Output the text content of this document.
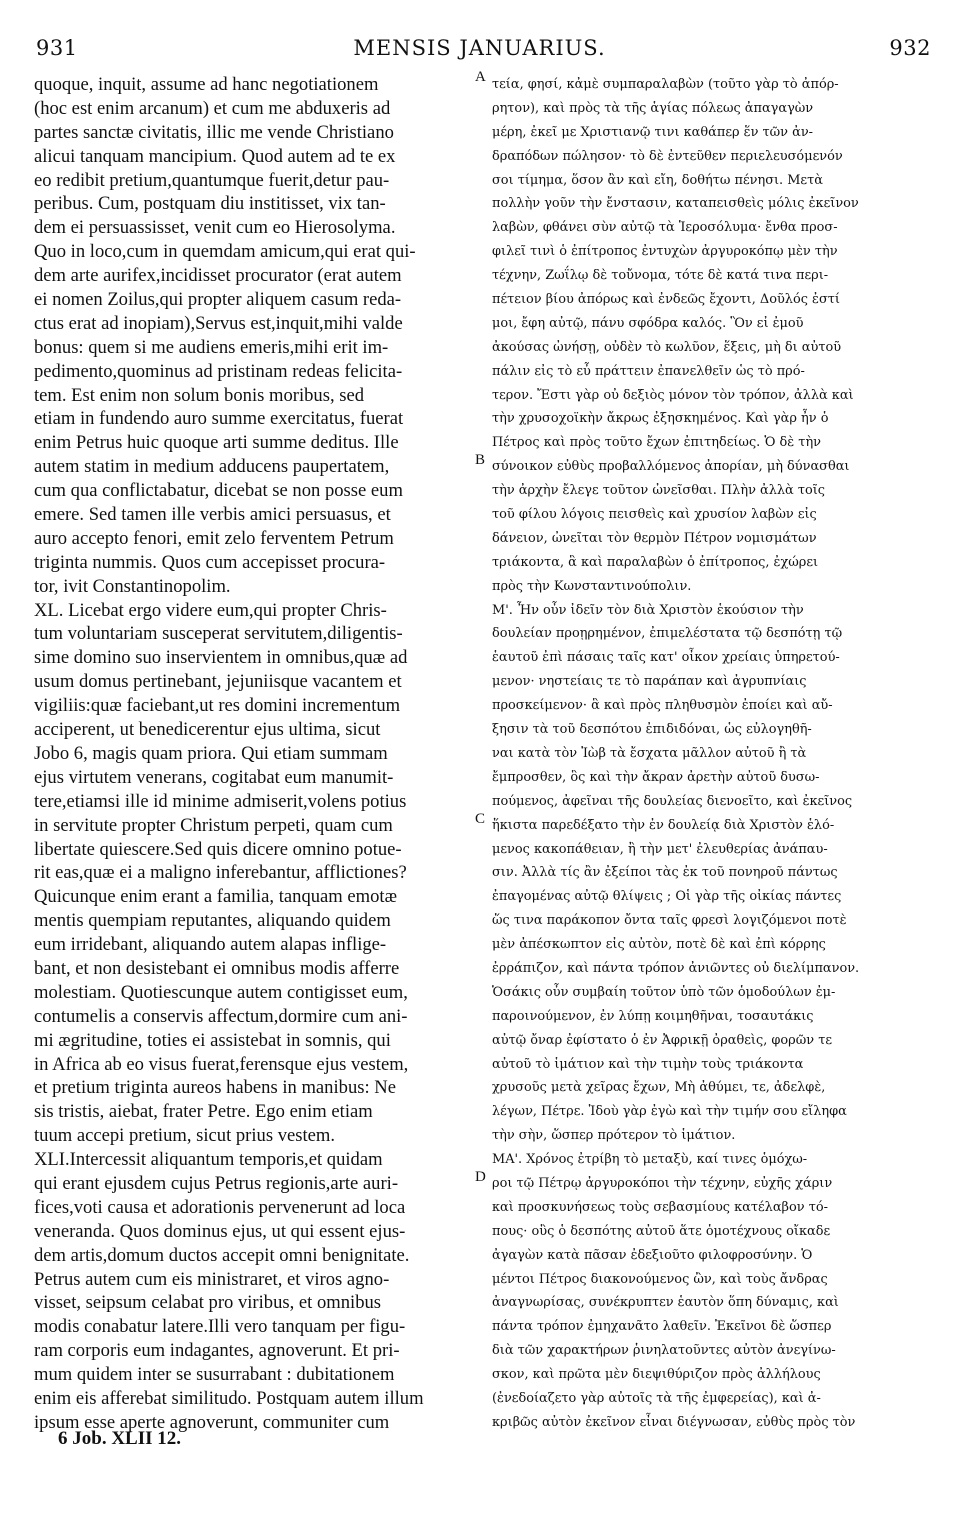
931	MENSIS JANUARIUS.	932
quoque, inquit, assume ad hanc negotiationem
(hoc est enim arcanum) et cum me abduxeris ad
partes sanctæ civitatis, illic me vende Christiano
alicui tanquam mancipium. Quod autem ad te ex
eo redibit pretium,quantumque fuerit,detur pau-
peribus. Cum, postquam diu institisset, vix tan-
dem ei persuassisset, venit cum eo Hierosolyma.
Quo in loco,cum in quemdam amicum,qui erat qui-
dem arte aurifex,incidisset procurator (erat autem
ei nomen Zoilus,qui propter aliquem casum reda-
ctus erat ad inopiam),Servus est,inquit,mihi valde
bonus: quem si me audiens emeris,mihi erit im-
pedimento,quominus ad pristinam redeas felicita-
tem. Est enim non solum bonis moribus, sed
etiam in fundendo auro summe exercitatus, fuerat
enim Petrus huic quoque arti summe deditus. Ille
autem statim in medium adducens paupertatem,
cum qua conflictabatur, dicebat se non posse eum
emere. Sed tamen ille verbis amici persuasus, et
auro accepto fenori, emit zelo ferventem Petrum
triginta nummis. Quos cum accepisset procura-
tor, ivit Constantinopolim.
XL. Licebat ergo videre eum,qui propter Chris-
tum voluntariam susceperat servitutem,diligentis-
sime domino suo inservientem in omnibus,quæ ad
usum domus pertinebant, jejuniisque vacantem et
vigiliis:quæ faciebant,ut res domini incrementum
acciperent, ut benedicerentur ejus ultima, sicut
Jobo 6, magis quam priora. Qui etiam summam
ejus virtutem venerans, cogitabat eum manumit-
tere,etiamsi ille id minime admiserit,volens potius
in servitute propter Christum perpeti, quam cum
libertate quiescere.Sed quis dicere omnino potue-
rit eas,quæ ei a maligno inferebantur, afflictiones?
Quicunque enim erant a familia, tanquam emotæ
mentis quempiam reputantes, aliquando quidem
eum irridebant, aliquando autem alapas inflige-
bant, et non desistebant ei omnibus modis afferre
molestiam. Quotiescunque autem contigisset eum,
contumelis a conservis affectum,dormire cum ani-
mi ægritudine, toties ei assistebat in somnis, qui
in Africa ab eo visus fuerat,ferensque ejus vestem,
et pretium triginta aureos habens in manibus: Ne
sis tristis, aiebat, frater Petre. Ego enim etiam
tuum accepi pretium, sicut prius vestem.
XLI.Intercessit aliquantum temporis,et quidam
qui erant ejusdem cujus Petrus regionis,arte auri-
fices,voti causa et adorationis pervenerunt ad loca
veneranda. Quos dominus ejus, ut qui essent ejus-
dem artis,domum ductos accepit omni benignitate.
Petrus autem cum eis ministraret, et viros agno-
visset, seipsum celabat pro viribus, et omnibus
modis conabatur latere.Illi vero tanquam per figu-
ram corporis eum indagantes, agnoverunt. Et pri-
mum quidem inter se susurrabant : dubitationem
enim eis afferebat similitudo. Postquam autem illum
ipsum esse aperte agnoverunt, communiter cum
τεία, φησί, κἀμὲ συμπαραλαβὼν (τοῦτο γὰρ τὸ ἀπόρ-
ρητον), καὶ πρὸς τὰ τῆς ἁγίας πόλεως ἀπαγαγὼν
μέρη, ἐκεῖ με Χριστιανῷ τινι καθάπερ ἕν τῶν ἀν-
δραπόδων πώλησον· τὸ δὲ ἐντεῦθεν περιελευσόμενόν
σοι τίμημα, ὅσον ἂν καὶ εἴη, δοθήτω πένησι. Μετὰ
πολλὴν γοῦν τὴν ἔνστασιν, καταπεισθεὶς μόλις ἐκεῖνον
λαβὼν, φθάνει σὺν αὐτῷ τὰ Ἱεροσόλυμα· ἔνθα προσ-
φιλεῖ τινὶ ὁ ἐπίτροπος ἐντυχὼν ἀργυροκόπῳ μὲν τὴν
τέχνην, Ζωΐλῳ δὲ τοὔνομα, τότε δὲ κατά τινα περι-
πέτειον βίου ἀπόρως καὶ ἐνδεῶς ἔχοντι, Δοῦλός ἐστί
μοι, ἔφη αὐτῷ, πάνυ σφόδρα καλός. Ὃν εἰ ἐμοῦ
ἀκούσας ὠνήσῃ, οὐδὲν τὸ κωλῦον, ἕξεις, μὴ δι αὐτοῦ
πάλιν εἰς τὸ εὖ πράττειν ἐπανελθεῖν ὡς τὸ πρό-
τερον. Ἔστι γὰρ οὐ δεξιὸς μόνον τὸν τρόπον, ἀλλὰ καὶ
τὴν χρυσοχοϊκὴν ἄκρως ἐξησκημένος. Καὶ γὰρ ἦν ὁ
Πέτρος καὶ πρὸς τοῦτο ἔχων ἐπιτηδείως. Ὁ δὲ τὴν
σύνοικον εὐθὺς προβαλλόμενος ἀπορίαν, μὴ δύνασθαι
τὴν ἀρχὴν ἔλεγε τοῦτον ὠνεῖσθαι. Πλὴν ἀλλὰ τοῖς
τοῦ φίλου λόγοις πεισθεὶς καὶ χρυσίον λαβὼν εἰς
δάνειον, ὠνεῖται τὸν θερμὸν Πέτρον νομισμάτων
τριάκοντα, ἃ καὶ παραλαβὼν ὁ ἐπίτροπος, ἐχώρει
πρὸς τὴν Κωνσταντινούπολιν.
Μ'. Ἦν οὖν ἰδεῖν τὸν διὰ Χριστὸν ἑκούσιον τὴν
δουλείαν προῃρημένον, ἐπιμελέστατα τῷ δεσπότῃ τῷ
ἑαυτοῦ ἐπὶ πάσαις ταῖς κατ' οἶκον χρείαις ὑπηρετού-
μενον· νηστείαις τε τὸ παράπαν καὶ ἀγρυπνίαις
προσκείμενον· ἃ καὶ πρὸς πληθυσμὸν ἐποίει καὶ αὔ-
ξησιν τὰ τοῦ δεσπότου ἐπιδιδόναι, ὡς εὐλογηθῆ-
ναι κατὰ τὸν Ἰὼβ τὰ ἔσχατα μᾶλλον αὐτοῦ ἢ τὰ
ἔμπροσθεν, ὃς καὶ τὴν ἄκραν ἀρετὴν αὐτοῦ δυσω-
πούμενος, ἀφεῖναι τῆς δουλείας διενοεῖτο, καὶ ἐκεῖνος
ἥκιστα παρεδέξατο τὴν ἐν δουλείᾳ διὰ Χριστὸν ἑλό-
μενος κακοπάθειαν, ἢ τὴν μετ' ἐλευθερίας ἀνάπαυ-
σιν. Ἀλλὰ τίς ἂν ἐξείποι τὰς ἐκ τοῦ πονηροῦ πάντως
ἐπαγομένας αὐτῷ θλίψεις ; Οἱ γὰρ τῆς οἰκίας πάντες
ὥς τινα παράκοπον ὄντα ταῖς φρεσὶ λογιζόμενοι ποτὲ
μὲν ἀπέσκωπτον εἰς αὐτὸν, ποτὲ δὲ καὶ ἐπὶ κόρρης
ἐρράπιζον, καὶ πάντα τρόπον ἀνιῶντες οὐ διελίμπανον.
Ὁσάκις οὖν συμβαίη τοῦτον ὑπὸ τῶν ὁμοδούλων ἐμ-
παροινούμενον, ἐν λύπῃ κοιμηθῆναι, τοσαυτάκις
αὐτῷ ὄναρ ἐφίστατο ὁ ἐν Ἀφρικῇ ὀραθεὶς, φορῶν τε
αὐτοῦ τὸ ἱμάτιον καὶ τὴν τιμὴν τοὺς τριάκοντα
χρυσοῦς μετὰ χεῖρας ἔχων, Μὴ ἀθύμει, τε, ἀδελφὲ,
λέγων, Πέτρε. Ἰδοὺ γὰρ ἐγὼ καὶ τὴν τιμήν σου εἴληφα
τὴν σὴν, ὥσπερ πρότερον τὸ ἱμάτιον.
ΜΑ'. Χρόνος ἐτρίβη τὸ μεταξὺ, καί τινες ὁμόχω-
ροι τῷ Πέτρῳ ἀργυροκόποι τὴν τέχνην, εὐχῆς χάριν
καὶ προσκυνήσεως τοὺς σεβασμίους κατέλαβον τό-
πους· οὓς ὁ δεσπότης αὐτοῦ ἅτε ὁμοτέχνους οἴκαδε
ἀγαγὼν κατὰ πᾶσαν ἐδεξιοῦτο φιλοφροσύνην. Ὁ
μέντοι Πέτρος διακονούμενος ὢν, καὶ τοὺς ἄνδρας
ἀναγνωρίσας, συνέκρυπτεν ἑαυτὸν ὅπη δύναμις, καὶ
πάντα τρόπον ἐμηχανᾶτο λαθεῖν. Ἐκεῖνοι δὲ ὥσπερ
διὰ τῶν χαρακτήρων ῥινηλατοῦντες αὐτὸν ἀνεγίνω-
σκον, καὶ πρῶτα μὲν διεψιθύριζον πρὸς ἀλλήλους
(ἐνεδοίαζετο γὰρ αὐτοῖς τὰ τῆς ἐμφερείας), καὶ ἀ-
κριβῶς αὐτὸν ἐκεῖνον εἶναι διέγνωσαν, εὐθὺς πρὸς τὸν
A
B
C
D
6 Job. XLII 12.
